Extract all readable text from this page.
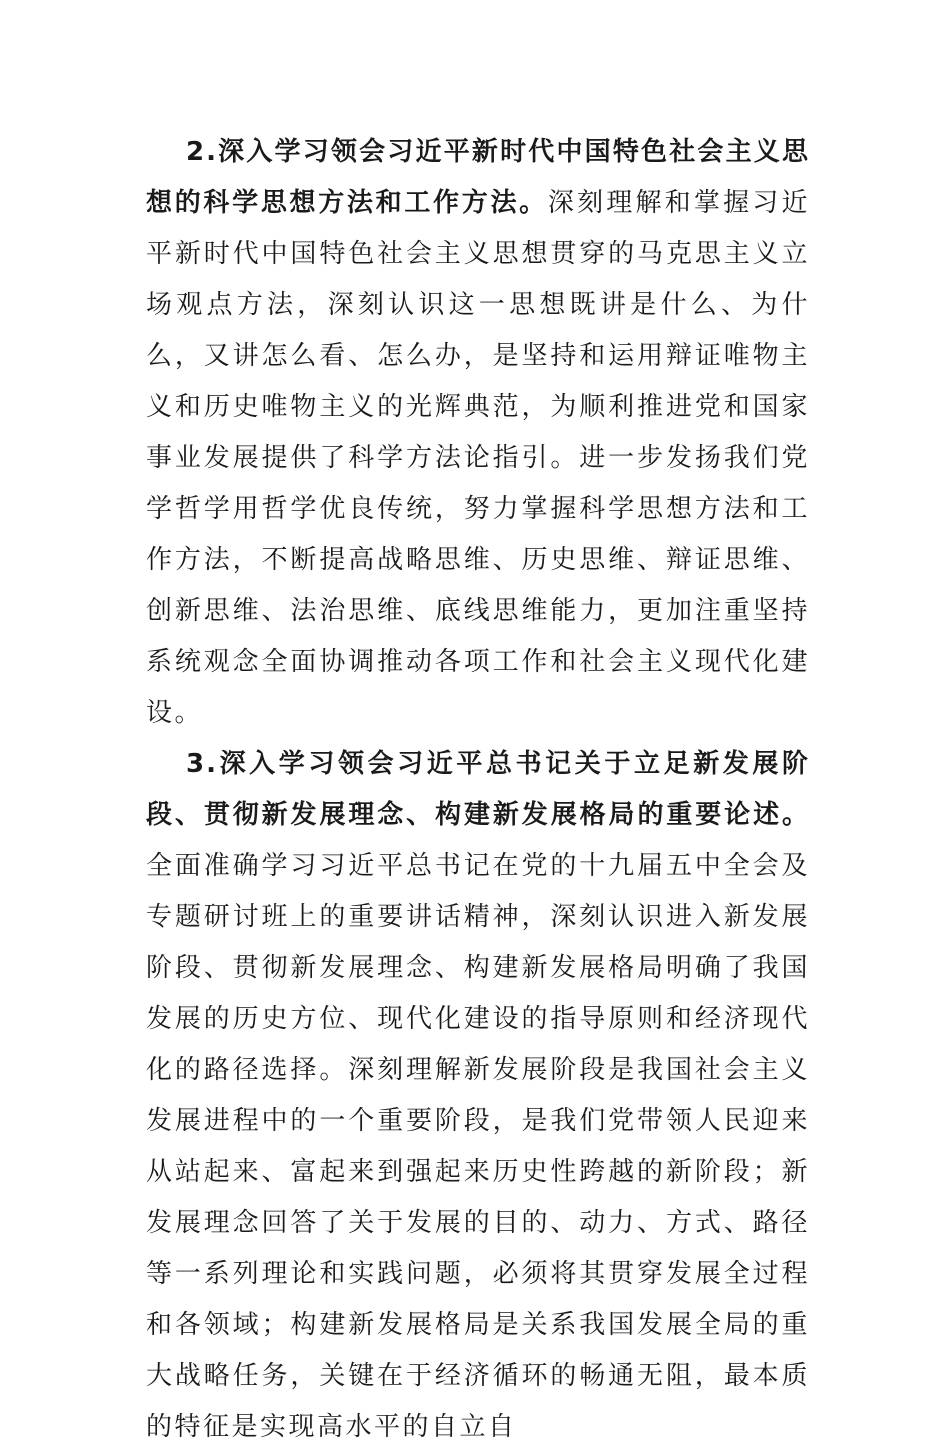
2.深入学习领会习近平新时代中国特色社会主义思想的科学思想方法和工作方法。深刻理解和掌握习近平新时代中国特色社会主义思想贯穿的马克思主义立场观点方法，深刻认识这一思想既讲是什么、为什么，又讲怎么看、怎么办，是坚持和运用辩证唯物主义和历史唯物主义的光辉典范，为顺利推进党和国家事业发展提供了科学方法论指引。进一步发扬我们党学哲学用哲学优良传统，努力掌握科学思想方法和工作方法，不断提高战略思维、历史思维、辩证思维、创新思维、法治思维、底线思维能力，更加注重坚持系统观念全面协调推动各项工作和社会主义现代化建设。

3.深入学习领会习近平总书记关于立足新发展阶段、贯彻新发展理念、构建新发展格局的重要论述。全面准确学习习近平总书记在党的十九届五中全会及专题研讨班上的重要讲话精神，深刻认识进入新发展阶段、贯彻新发展理念、构建新发展格局明确了我国发展的历史方位、现代化建设的指导原则和经济现代化的路径选择。深刻理解新发展阶段是我国社会主义发展进程中的一个重要阶段，是我们党带领人民迎来从站起来、富起来到强起来历史性跨越的新阶段；新发展理念回答了关于发展的目的、动力、方式、路径等一系列理论和实践问题，必须将其贯穿发展全过程和各领域；构建新发展格局是关系我国发展全局的重大战略任务，关键在于经济循环的畅通无阻，最本质的特征是实现高水平的自立自
